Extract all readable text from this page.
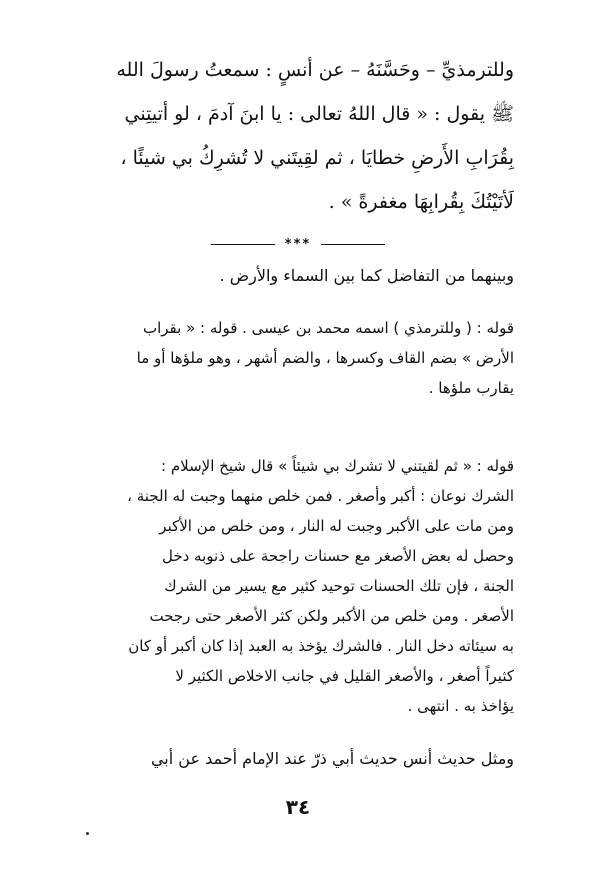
وللترمذيِّ – وحَسَّنَهُ – عن أنسٍ : سمعتُ رسولَ الله
ﷺ يقول : « قال اللهُ تعالى : يا ابنَ آدمَ ، لو أتيتِني
بِقُرَابِ الأَرضِ خطايَا ، ثم لقِيتَني لا تُشرِكُ بي شيئًا ،
لَأتَيْتُكَ بِقُرابِهَا مغفرةً » .
***
وبينهما من التفاضل كما بين السماء والأرض .
قوله : ( وللترمذي ) اسمه محمد بن عيسى . قوله : « بقراب
الأرض » بضم القاف وكسرها ، والضم أشهر ، وهو ملؤها أو ما
يقارب ملؤها .
قوله : « ثم لقيتني لا تشرك بي شيئاً » قال شيخ الإسلام :
الشرك نوعان : أكبر وأصغر . فمن خلص منهما وجبت له الجنة ،
ومن مات على الأكبر وجبت له النار ، ومن خلص من الأكبر
وحصل له بعض الأصغر مع حسنات راجحة على ذنوبه دخل
الجنة ، فإن تلك الحسنات توحيد كثير مع يسير من الشرك
الأصغر . ومن خلص من الأكبر ولكن كثر الأصغر حتى رجحت
به سيئاته دخل النار . فالشرك يؤخذ به العبد إذا كان أكبر أو كان
كثيراً أصغر ، والأصغر القليل في جانب الاخلاص الكثير لا
يؤاخذ به . انتهى .
ومثل حديث أنس حديث أبي ذرّ عند الإمام أحمد عن أبي
٣٤
